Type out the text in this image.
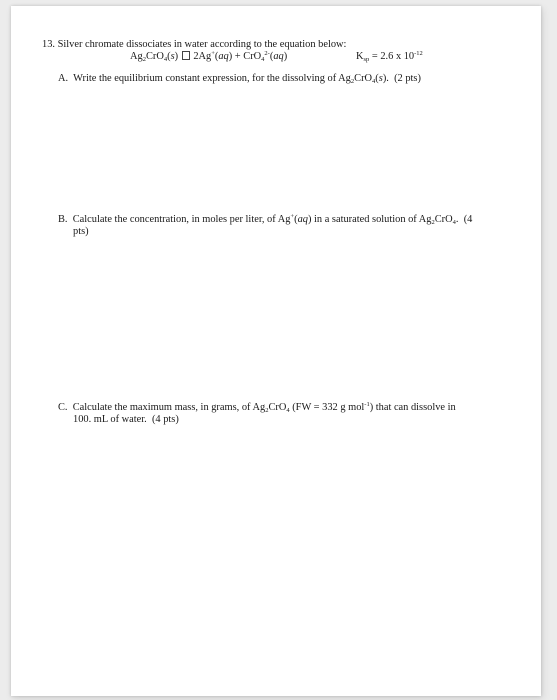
13. Silver chromate dissociates in water according to the equation below:
$Ag_2CrO_4(s) 2Ag^+(aq) + CrO_4^{2‑}(aq)$	$K_{sp} = 2.6$ x $10^{-12}$
A.  Write the equilibrium constant expression, for the dissolving of $Ag_2CrO_4(s)$.  (2 pts)
B.  Calculate the concentration, in moles per liter, of Ag+(aq) in a saturated solution of $Ag_2CrO_4$.  (4
pts)
C.  Calculate the maximum mass, in grams, of $Ag_2CrO_4$ (FW = 332 g mol$^{-1}$) that can dissolve in
100. mL of water.  (4 pts)
